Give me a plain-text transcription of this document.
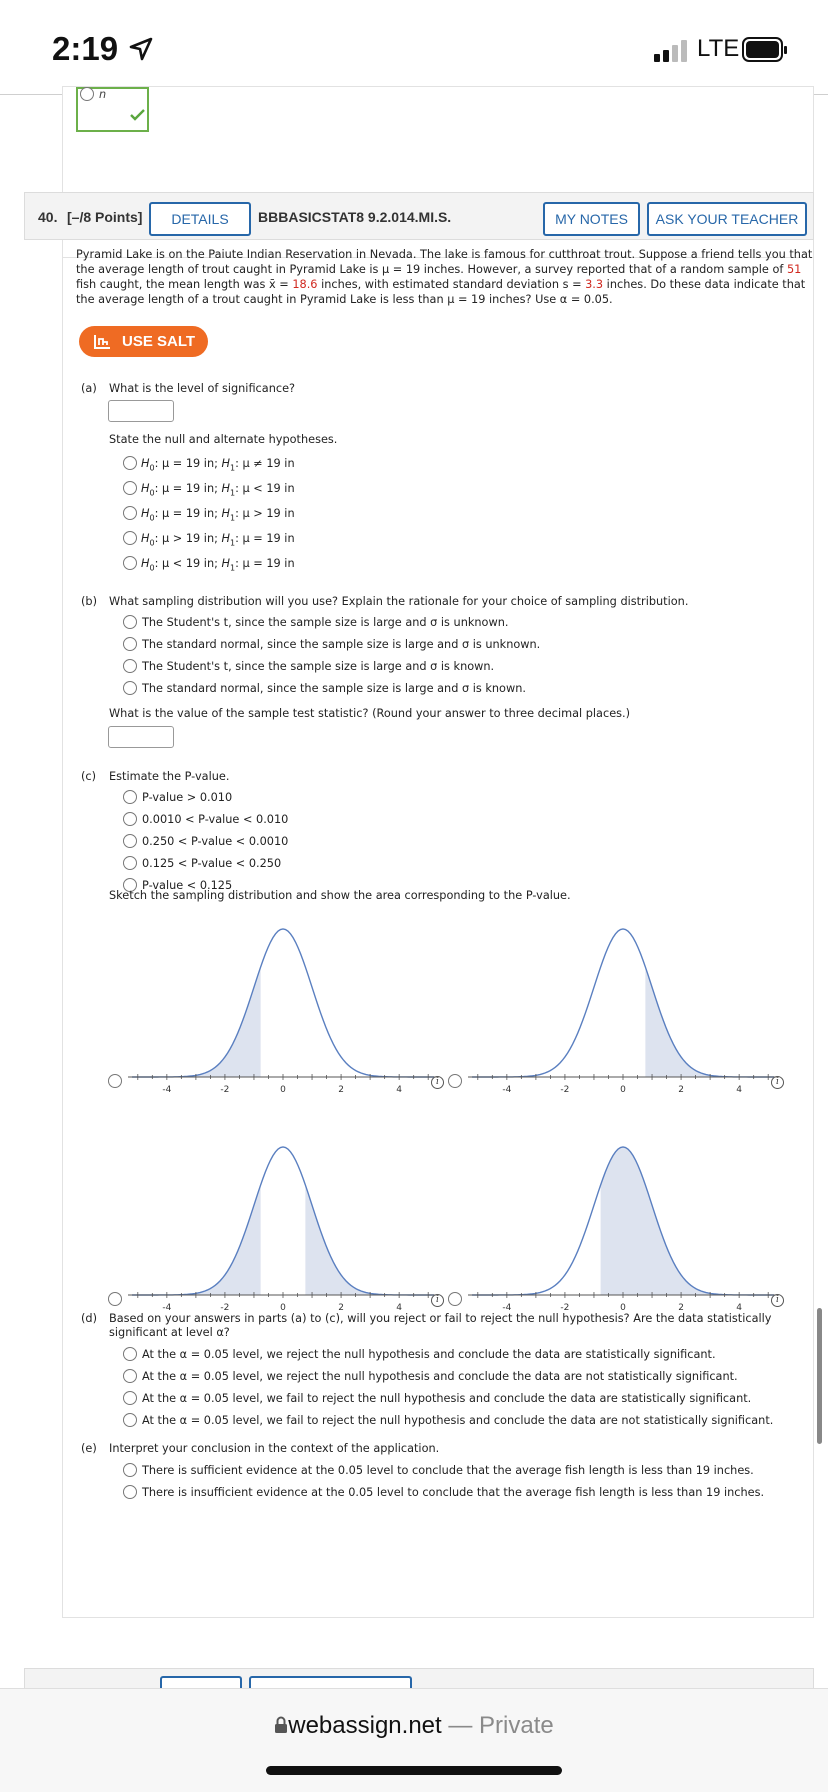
2:19	LTE
n
40. [–/8 Points]	BBBASICSTAT8 9.2.014.MI.S.
DETAILS	MY NOTES	ASK YOUR TEACHER
Pyramid Lake is on the Paiute Indian Reservation in Nevada. The lake is famous for cutthroat trout. Suppose a friend tells you that
the average length of trout caught in Pyramid Lake is μ = 19 inches. However, a survey reported that of a random sample of 51
fish caught, the mean length was x̄ = 18.6 inches, with estimated standard deviation s = 3.3 inches. Do these data indicate that
the average length of a trout caught in Pyramid Lake is less than μ = 19 inches? Use α = 0.05.
USE SALT
(a) What is the level of significance?
State the null and alternate hypotheses.
$H_0$: μ = 19 in; $H_1$: μ ≠ 19 in
$H_0$: μ = 19 in; $H_1$: μ < 19 in
$H_0$: μ = 19 in; $H_1$: μ > 19 in
$H_0$: μ > 19 in; $H_1$: μ = 19 in
$H_0$: μ < 19 in; $H_1$: μ = 19 in
(b) What sampling distribution will you use? Explain the rationale for your choice of sampling distribution.
The Student's t, since the sample size is large and σ is unknown.
The standard normal, since the sample size is large and σ is unknown.
The Student's t, since the sample size is large and σ is known.
The standard normal, since the sample size is large and σ is known.
What is the value of the sample test statistic? (Round your answer to three decimal places.)
(c) Estimate the P-value.
P-value > 0.010
0.0010 < P-value < 0.010
0.250 < P-value < 0.0010
0.125 < P-value < 0.250
P-value < 0.125
Sketch the sampling distribution and show the area corresponding to the P-value.
i
-4	-2	0	2	4
i
-4	-2	0	2	4
i
-4	-2	0	2	4
i
-4	-2	0	2	4
(d) Based on your answers in parts (a) to (c), will you reject or fail to reject the null hypothesis? Are the data statistically
significant at level α?
At the α = 0.05 level, we reject the null hypothesis and conclude the data are statistically significant.
At the α = 0.05 level, we reject the null hypothesis and conclude the data are not statistically significant.
At the α = 0.05 level, we fail to reject the null hypothesis and conclude the data are statistically significant.
At the α = 0.05 level, we fail to reject the null hypothesis and conclude the data are not statistically significant.
(e) Interpret your conclusion in the context of the application.
There is sufficient evidence at the 0.05 level to conclude that the average fish length is less than 19 inches.
There is insufficient evidence at the 0.05 level to conclude that the average fish length is less than 19 inches.
webassign.net — Private
